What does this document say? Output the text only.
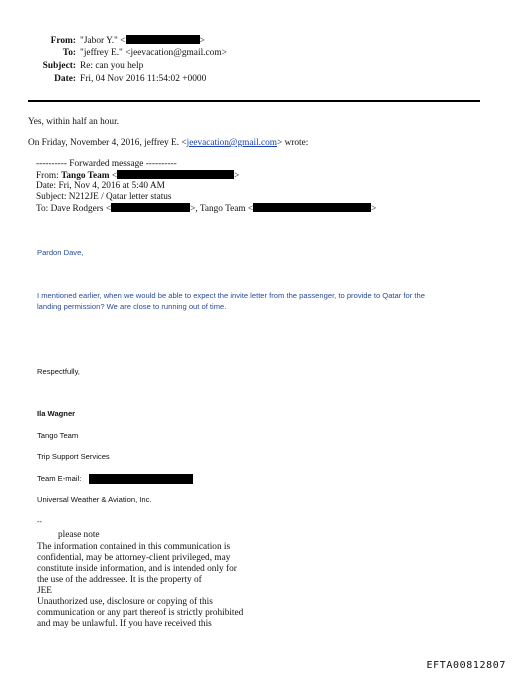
From: "Jabor Y." <	>
To: "jeffrey E." <jeevacation@gmail.com>
Subject: Re: can you help
Date: Fri, 04 Nov 2016 11:54:02 +0000
Yes, within half an hour.
On Friday, November 4, 2016, jeffrey E. <jeevacation@gmail.com> wrote:
---------- Forwarded message ----------
From: Tango Team <	>
Date: Fri, Nov 4, 2016 at 5:40 AM
Subject: N212JE / Qatar letter status
To: Dave Rodgers <	>, Tango Team <	>
Pardon Dave,
I mentioned earlier, when we would be able to expect the invite letter from the passenger, to provide to Qatar for the
landing permission? We are close to running out of time.
Respectfully,
Ila Wagner
Tango Team
Trip Support Services
Team E-mail:
Universal Weather & Aviation, Inc.
--
please note
The information contained in this communication is
confidential, may be attorney-client privileged, may
constitute inside information, and is intended only for
the use of the addressee. It is the property of
JEE
Unauthorized use, disclosure or copying of this
communication or any part thereof is strictly prohibited
and may be unlawful. If you have received this
EFTA00812807
